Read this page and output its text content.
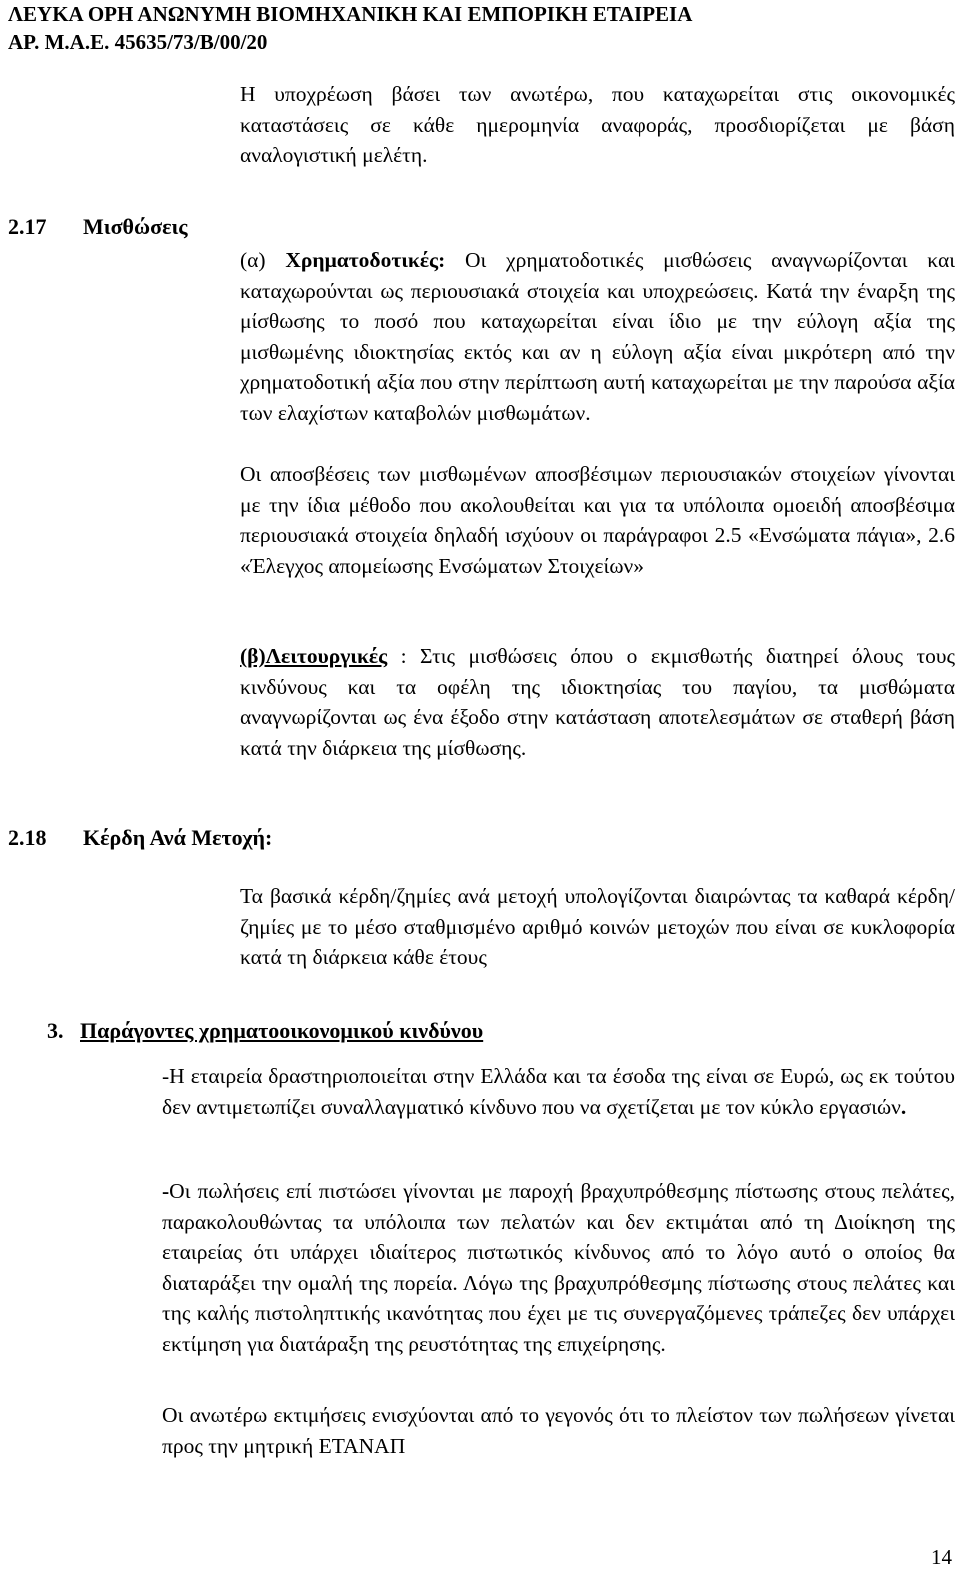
ΛΕΥΚΑ ΟΡΗ ΑΝΩΝΥΜΗ ΒΙΟΜΗΧΑΝΙΚΗ ΚΑΙ ΕΜΠΟΡΙΚΗ ΕΤΑΙΡΕΙΑ
ΑΡ. Μ.Α.Ε. 45635/73/Β/00/20
Η υποχρέωση βάσει των ανωτέρω, που καταχωρείται στις οικονομικές καταστάσεις σε κάθε ημερομηνία αναφοράς, προσδιορίζεται με βάση αναλογιστική μελέτη.
2.17 Μισθώσεις
(α) Χρηματοδοτικές: Οι χρηματοδοτικές μισθώσεις αναγνωρίζονται και καταχωρούνται ως περιουσιακά στοιχεία και υποχρεώσεις. Κατά την έναρξη της μίσθωσης το ποσό που καταχωρείται είναι ίδιο με την εύλογη αξία της μισθωμένης ιδιοκτησίας εκτός και αν η εύλογη αξία είναι μικρότερη από την χρηματοδοτική αξία που στην περίπτωση αυτή καταχωρείται με την παρούσα αξία των ελαχίστων καταβολών μισθωμάτων.
Οι αποσβέσεις των μισθωμένων αποσβέσιμων περιουσιακών στοιχείων γίνονται με την ίδια μέθοδο που ακολουθείται και για τα υπόλοιπα ομοειδή αποσβέσιμα περιουσιακά στοιχεία δηλαδή ισχύουν οι παράγραφοι 2.5 «Ενσώματα πάγια», 2.6 «Έλεγχος απομείωσης Ενσώματων Στοιχείων»
(β)Λειτουργικές : Στις μισθώσεις όπου ο εκμισθωτής διατηρεί όλους τους κινδύνους και τα οφέλη της ιδιοκτησίας του παγίου, τα μισθώματα αναγνωρίζονται ως ένα έξοδο στην κατάσταση αποτελεσμάτων σε σταθερή βάση κατά την διάρκεια της μίσθωσης.
2.18 Κέρδη Ανά Μετοχή:
Τα βασικά κέρδη/ζημίες ανά μετοχή υπολογίζονται διαιρώντας τα καθαρά κέρδη/ζημίες με το μέσο σταθμισμένο αριθμό κοινών μετοχών που είναι σε κυκλοφορία κατά τη διάρκεια κάθε έτους
3. Παράγοντες χρηματοοικονομικού κινδύνου
-Η εταιρεία δραστηριοποιείται στην Ελλάδα και τα έσοδα της είναι σε Ευρώ, ως εκ τούτου δεν αντιμετωπίζει συναλλαγματικό κίνδυνο που να σχετίζεται με τον κύκλο εργασιών.
-Οι πωλήσεις επί πιστώσει γίνονται με παροχή βραχυπρόθεσμης πίστωσης στους πελάτες, παρακολουθώντας τα υπόλοιπα των πελατών και δεν εκτιμάται από τη Διοίκηση της εταιρείας ότι υπάρχει ιδιαίτερος πιστωτικός κίνδυνος από το λόγο αυτό ο οποίος θα διαταράξει την ομαλή της πορεία. Λόγω της βραχυπρόθεσμης πίστωσης στους πελάτες και της καλής πιστοληπτικής ικανότητας που έχει με τις συνεργαζόμενες τράπεζες δεν υπάρχει εκτίμηση για διατάραξη της ρευστότητας της επιχείρησης.
Οι ανωτέρω εκτιμήσεις ενισχύονται από το γεγονός ότι το πλείστον των πωλήσεων γίνεται προς την μητρική ΕΤΑΝΑΠ
14
